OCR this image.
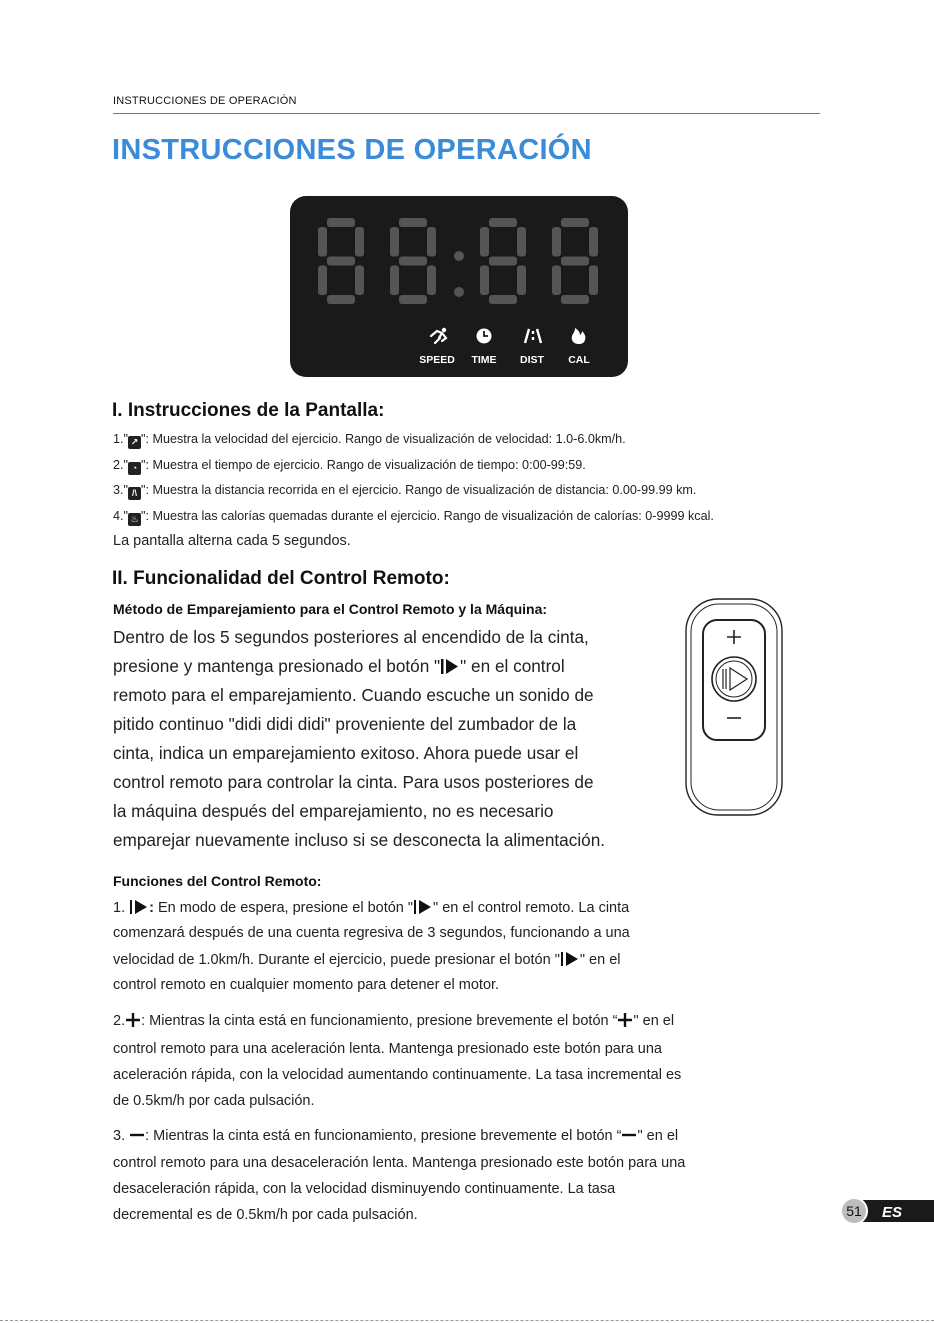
INSTRUCCIONES DE OPERACIÓN
INSTRUCCIONES DE OPERACIÓN
SPEED TIME DIST CAL
I. Instrucciones de la Pantalla:
1." ↗ ": Muestra la velocidad del ejercicio. Rango de visualización de velocidad: 1.0-6.0km/h.
2." ◔ ": Muestra el tiempo de ejercicio. Rango de visualización de tiempo: 0:00-99:59.
3." /\ ": Muestra la distancia recorrida en el ejercicio. Rango de visualización de distancia: 0.00-99.99 km.
4." ♨ ": Muestra las calorías quemadas durante el ejercicio. Rango de visualización de calorías: 0-9999 kcal.
La pantalla alterna cada 5 segundos.
II. Funcionalidad del Control Remoto:
Método de Emparejamiento para el Control Remoto y la Máquina:
Dentro de los 5 segundos posteriores al encendido de la cinta,
presione y mantenga presionado el botón " " en el control
remoto para el emparejamiento. Cuando escuche un sonido de
pitido continuo "didi didi didi" proveniente del zumbador de la
cinta, indica un emparejamiento exitoso. Ahora puede usar el
control remoto para controlar la cinta. Para usos posteriores de
la máquina después del emparejamiento, no es necesario
emparejar nuevamente incluso si se desconecta la alimentación.
Funciones del Control Remoto:
1. : En modo de espera, presione el botón " " en el control remoto. La cinta
comenzará después de una cuenta regresiva de 3 segundos, funcionando a una
velocidad de 1.0km/h. Durante el ejercicio, puede presionar el botón " " en el
control remoto en cualquier momento para detener el motor.
2. : Mientras la cinta está en funcionamiento, presione brevemente el botón “ " en el
control remoto para una aceleración lenta. Mantenga presionado este botón para una
aceleración rápida, con la velocidad aumentando continuamente. La tasa incremental es
de 0.5km/h por cada pulsación.
3. : Mientras la cinta está en funcionamiento, presione brevemente el botón “ " en el
control remoto para una desaceleración lenta. Mantenga presionado este botón para una
desaceleración rápida, con la velocidad disminuyendo continuamente. La tasa
decremental es de 0.5km/h por cada pulsación.	51 ES
